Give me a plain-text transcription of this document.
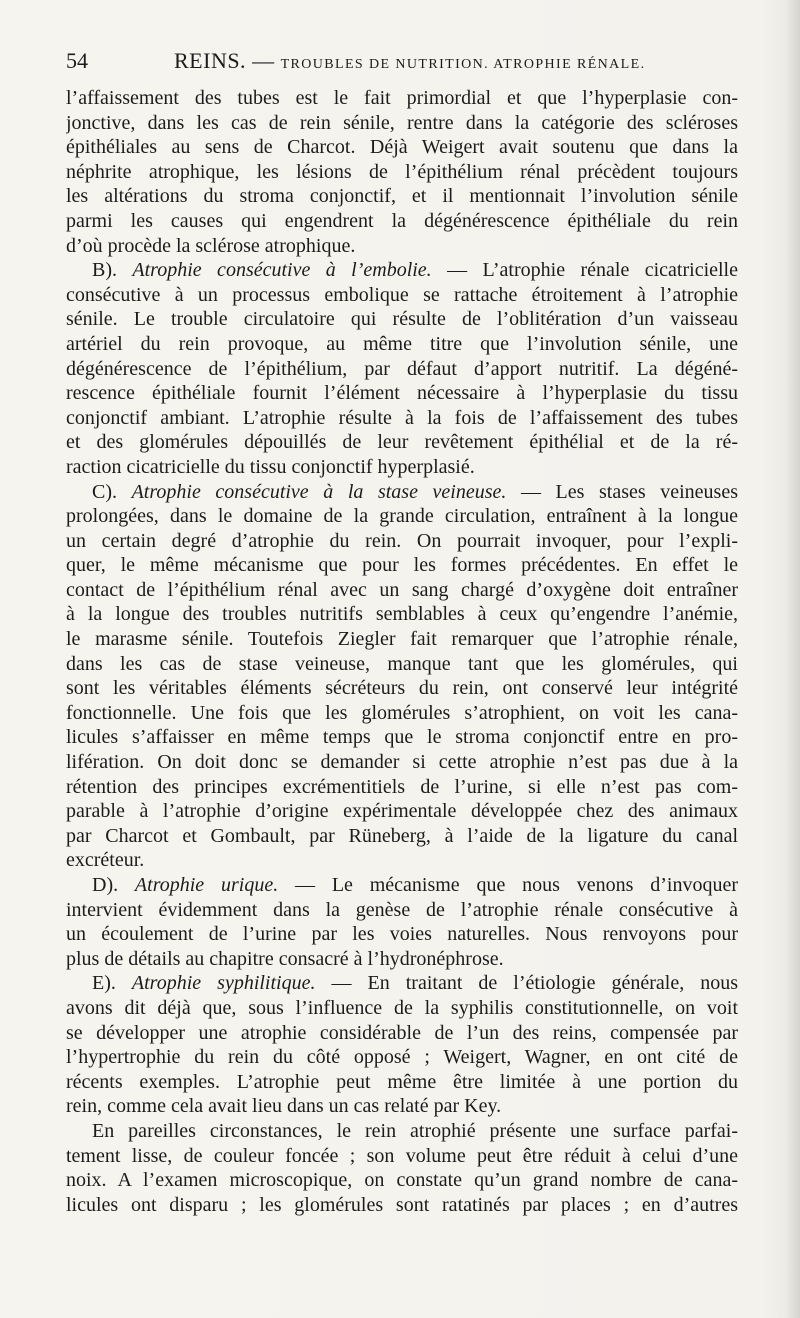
54	REINS. — TROUBLES DE NUTRITION. ATROPHIE RÉNALE.
l’affaissement des tubes est le fait primordial et que l’hyperplasie con-
jonctive, dans les cas de rein sénile, rentre dans la catégorie des scléroses
épithéliales au sens de Charcot. Déjà Weigert avait soutenu que dans la
néphrite atrophique, les lésions de l’épithélium rénal précèdent toujours
les altérations du stroma conjonctif, et il mentionnait l’involution sénile
parmi les causes qui engendrent la dégénérescence épithéliale du rein
d’où procède la sclérose atrophique.
B). Atrophie consécutive à l’embolie. — L’atrophie rénale cicatricielle
consécutive à un processus embolique se rattache étroitement à l’atrophie
sénile. Le trouble circulatoire qui résulte de l’oblitération d’un vaisseau
artériel du rein provoque, au même titre que l’involution sénile, une
dégénérescence de l’épithélium, par défaut d’apport nutritif. La dégéné-
rescence épithéliale fournit l’élément nécessaire à l’hyperplasie du tissu
conjonctif ambiant. L’atrophie résulte à la fois de l’affaissement des tubes
et des glomérules dépouillés de leur revêtement épithélial et de la ré-
raction cicatricielle du tissu conjonctif hyperplasié.
C). Atrophie consécutive à la stase veineuse. — Les stases veineuses
prolongées, dans le domaine de la grande circulation, entraînent à la longue
un certain degré d’atrophie du rein. On pourrait invoquer, pour l’expli-
quer, le même mécanisme que pour les formes précédentes. En effet le
contact de l’épithélium rénal avec un sang chargé d’oxygène doit entraîner
à la longue des troubles nutritifs semblables à ceux qu’engendre l’anémie,
le marasme sénile. Toutefois Ziegler fait remarquer que l’atrophie rénale,
dans les cas de stase veineuse, manque tant que les glomérules, qui
sont les véritables éléments sécréteurs du rein, ont conservé leur intégrité
fonctionnelle. Une fois que les glomérules s’atrophient, on voit les cana-
licules s’affaisser en même temps que le stroma conjonctif entre en pro-
lifération. On doit donc se demander si cette atrophie n’est pas due à la
rétention des principes excrémentitiels de l’urine, si elle n’est pas com-
parable à l’atrophie d’origine expérimentale développée chez des animaux
par Charcot et Gombault, par Rüneberg, à l’aide de la ligature du canal
excréteur.
D). Atrophie urique. — Le mécanisme que nous venons d’invoquer
intervient évidemment dans la genèse de l’atrophie rénale consécutive à
un écoulement de l’urine par les voies naturelles. Nous renvoyons pour
plus de détails au chapitre consacré à l’hydronéphrose.
E). Atrophie syphilitique. — En traitant de l’étiologie générale, nous
avons dit déjà que, sous l’influence de la syphilis constitutionnelle, on voit
se développer une atrophie considérable de l’un des reins, compensée par
l’hypertrophie du rein du côté opposé ; Weigert, Wagner, en ont cité de
récents exemples. L’atrophie peut même être limitée à une portion du
rein, comme cela avait lieu dans un cas relaté par Key.
En pareilles circonstances, le rein atrophié présente une surface parfai-
tement lisse, de couleur foncée ; son volume peut être réduit à celui d’une
noix. A l’examen microscopique, on constate qu’un grand nombre de cana-
licules ont disparu ; les glomérules sont ratatinés par places ; en d’autres
